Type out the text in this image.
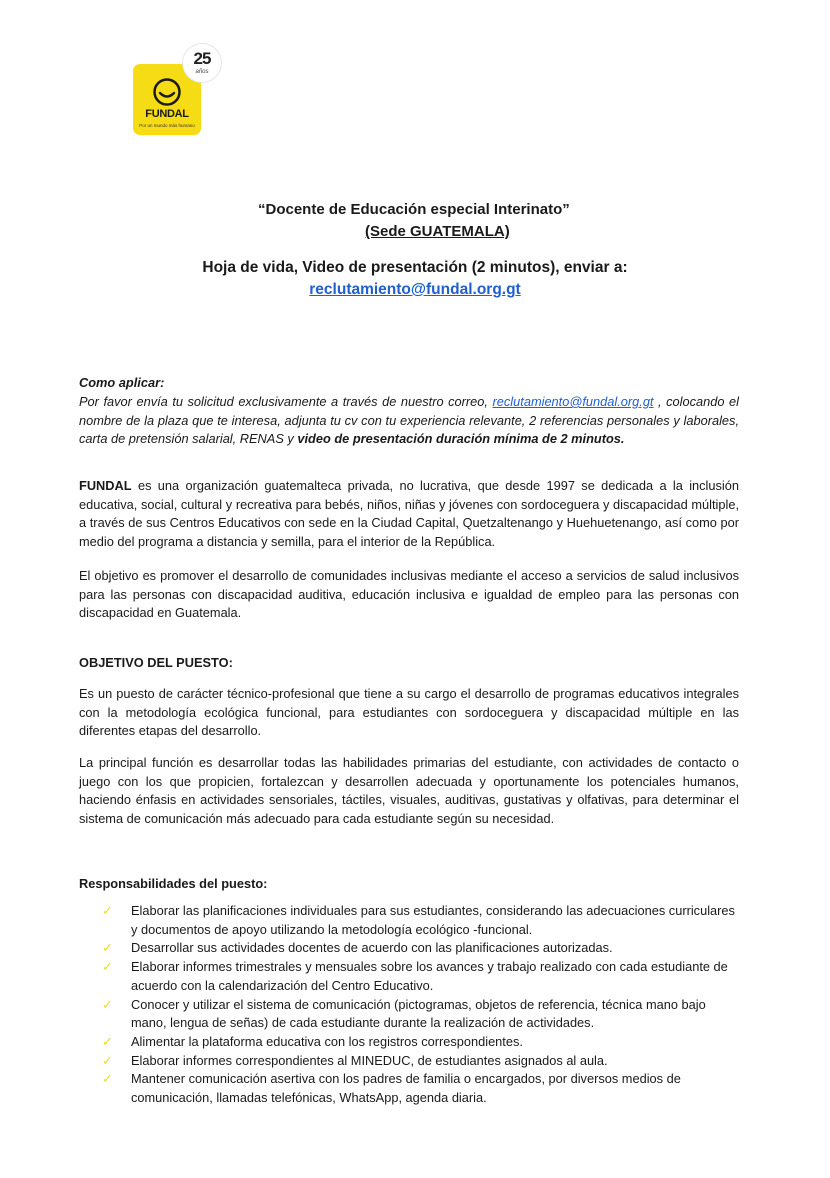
FUNDAL
Por un mundo más humano
25
años
“Docente de Educación especial Interinato”
(Sede GUATEMALA)
Hoja de vida, Video de presentación (2 minutos), enviar a:
reclutamiento@fundal.org.gt
Como aplicar:
Por favor envía tu solicitud exclusivamente a través de nuestro correo, reclutamiento@fundal.org.gt , colocando el nombre de la plaza que te interesa, adjunta tu cv con tu experiencia relevante, 2 referencias personales y laborales, carta de pretensión salarial, RENAS y video de presentación duración mínima de 2 minutos.
FUNDAL es una organización guatemalteca privada, no lucrativa, que desde 1997 se dedicada a la inclusión educativa, social, cultural y recreativa para bebés, niños, niñas y jóvenes con sordoceguera y discapacidad múltiple, a través de sus Centros Educativos con sede en la Ciudad Capital, Quetzaltenango y Huehuetenango, así como por medio del programa a distancia y semilla, para el interior de la República.
El objetivo es promover el desarrollo de comunidades inclusivas mediante el acceso a servicios de salud inclusivos para las personas con discapacidad auditiva, educación inclusiva e igualdad de empleo para las personas con discapacidad en Guatemala.
OBJETIVO DEL PUESTO:
Es un puesto de carácter técnico-profesional que tiene a su cargo el desarrollo de programas educativos integrales con la metodología ecológica funcional, para estudiantes con sordoceguera y discapacidad múltiple en las diferentes etapas del desarrollo.
La principal función es desarrollar todas las habilidades primarias del estudiante, con actividades de contacto o juego con los que propicien, fortalezcan y desarrollen adecuada y oportunamente los potenciales humanos, haciendo énfasis en actividades sensoriales, táctiles, visuales, auditivas, gustativas y olfativas, para determinar el sistema de comunicación más adecuado para cada estudiante según su necesidad.
Responsabilidades del puesto:
✓ Elaborar las planificaciones individuales para sus estudiantes, considerando las adecuaciones curriculares y documentos de apoyo utilizando la metodología ecológico -funcional.
✓ Desarrollar sus actividades docentes de acuerdo con las planificaciones autorizadas.
✓ Elaborar informes trimestrales y mensuales sobre los avances y trabajo realizado con cada estudiante de acuerdo con la calendarización del Centro Educativo.
✓ Conocer y utilizar el sistema de comunicación (pictogramas, objetos de referencia, técnica mano bajo mano, lengua de señas) de cada estudiante durante la realización de actividades.
✓ Alimentar la plataforma educativa con los registros correspondientes.
✓ Elaborar informes correspondientes al MINEDUC, de estudiantes asignados al aula.
✓ Mantener comunicación asertiva con los padres de familia o encargados, por diversos medios de comunicación, llamadas telefónicas, WhatsApp, agenda diaria.
